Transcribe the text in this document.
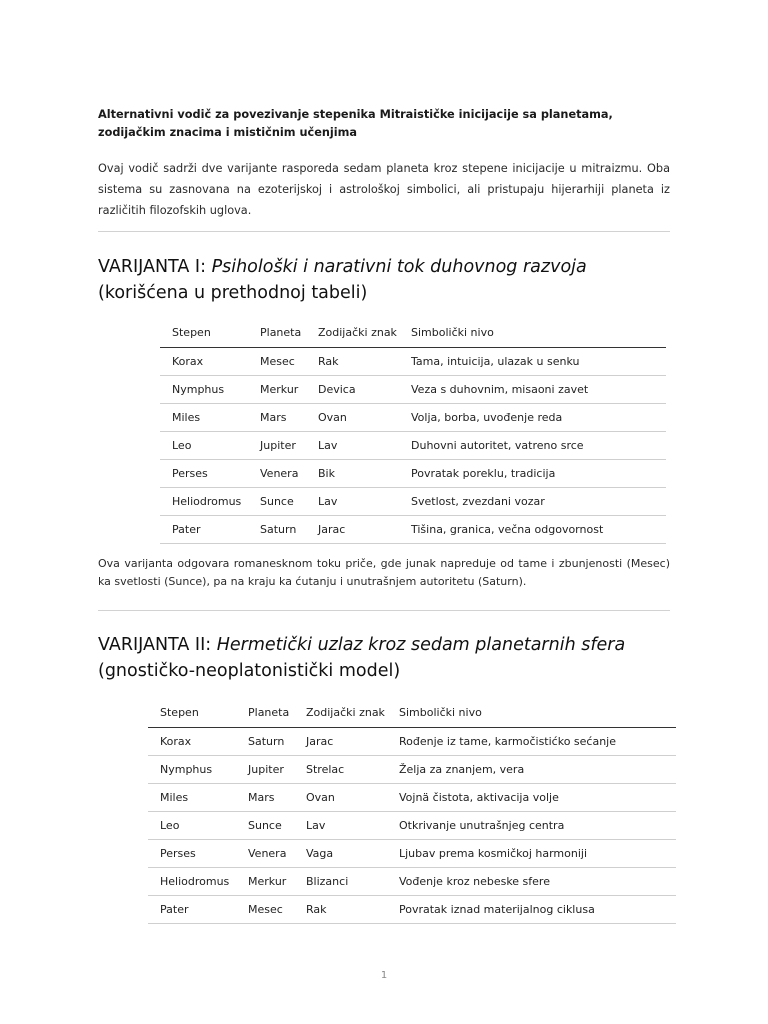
Alternativni vodič za povezivanje stepenika Mitraističke inicijacije sa planetama, zodijačkim znacima i mističnim učenjima

Ovaj vodič sadrži dve varijante rasporeda sedam planeta kroz stepene inicijacije u mitraizmu. Oba sistema su zasnovana na ezoterijskoj i astrološkoj simbolici, ali pristupaju hijerarhiji planeta iz različitih filozofskih uglova.

VARIJANTA I: Psihološki i narativni tok duhovnog razvoja (korišćena u prethodnoj tabeli)
Stepen	Planeta	Zodijački znak	Simbolički nivo
Korax	Mesec	Rak	Tama, intuicija, ulazak u senku
Nymphus	Merkur	Devica	Veza s duhovnim, misaoni zavet
Miles	Mars	Ovan	Volja, borba, uvođenje reda
Leo	Jupiter	Lav	Duhovni autoritet, vatreno srce
Perses	Venera	Bik	Povratak poreklu, tradicija
Heliodromus	Sunce	Lav	Svetlost, zvezdani vozar
Pater	Saturn	Jarac	Tišina, granica, večna odgovornost

Ova varijanta odgovara romanesknom toku priče, gde junak napreduje od tame i zbunjenosti (Mesec) ka svetlosti (Sunce), pa na kraju ka ćutanju i unutrašnjem autoritetu (Saturn).

VARIJANTA II: Hermetički uzlaz kroz sedam planetarnih sfera (gnostičko-neoplatonistički model)
Stepen	Planeta	Zodijački znak	Simbolički nivo
Korax	Saturn	Jarac	Rođenje iz tame, karmočistićko sećanje
Nymphus	Jupiter	Strelac	Želja za znanjem, vera
Miles	Mars	Ovan	Vojnä čistota, aktivacija volje
Leo	Sunce	Lav	Otkrivanje unutrašnjeg centra
Perses	Venera	Vaga	Ljubav prema kosmičkoj harmoniji
Heliodromus	Merkur	Blizanci	Vođenje kroz nebeske sfere
Pater	Mesec	Rak	Povratak iznad materijalnog ciklusa
1
